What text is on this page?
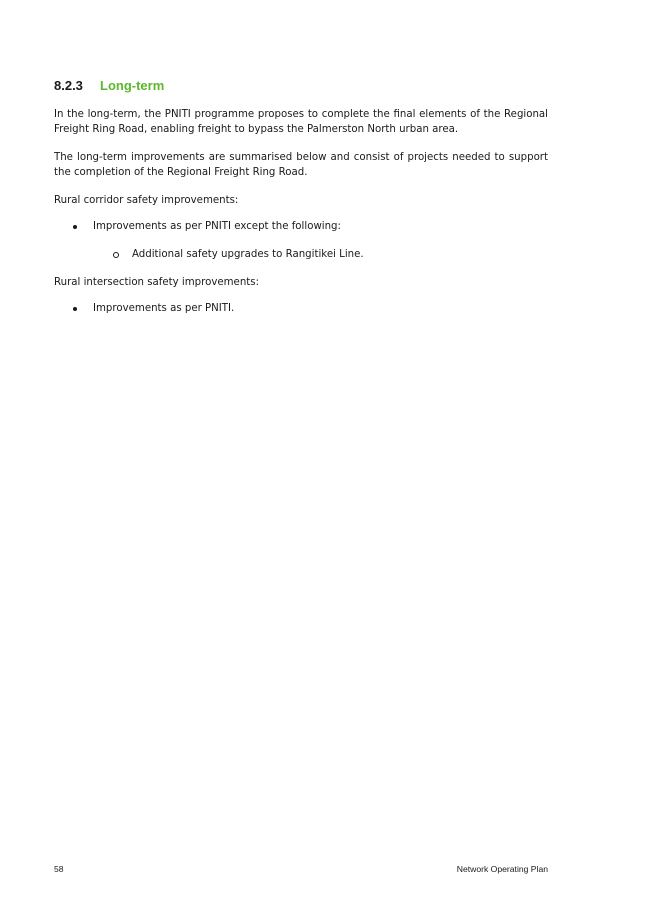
8.2.3	Long-term

In the long-term, the PNITI programme proposes to complete the final elements of the Regional Freight Ring Road, enabling freight to bypass the Palmerston North urban area.

The long-term improvements are summarised below and consist of projects needed to support the completion of the Regional Freight Ring Road.

Rural corridor safety improvements:

Improvements as per PNITI except the following:
Additional safety upgrades to Rangitikei Line.

Rural intersection safety improvements:

Improvements as per PNITI.
58	Network Operating Plan
